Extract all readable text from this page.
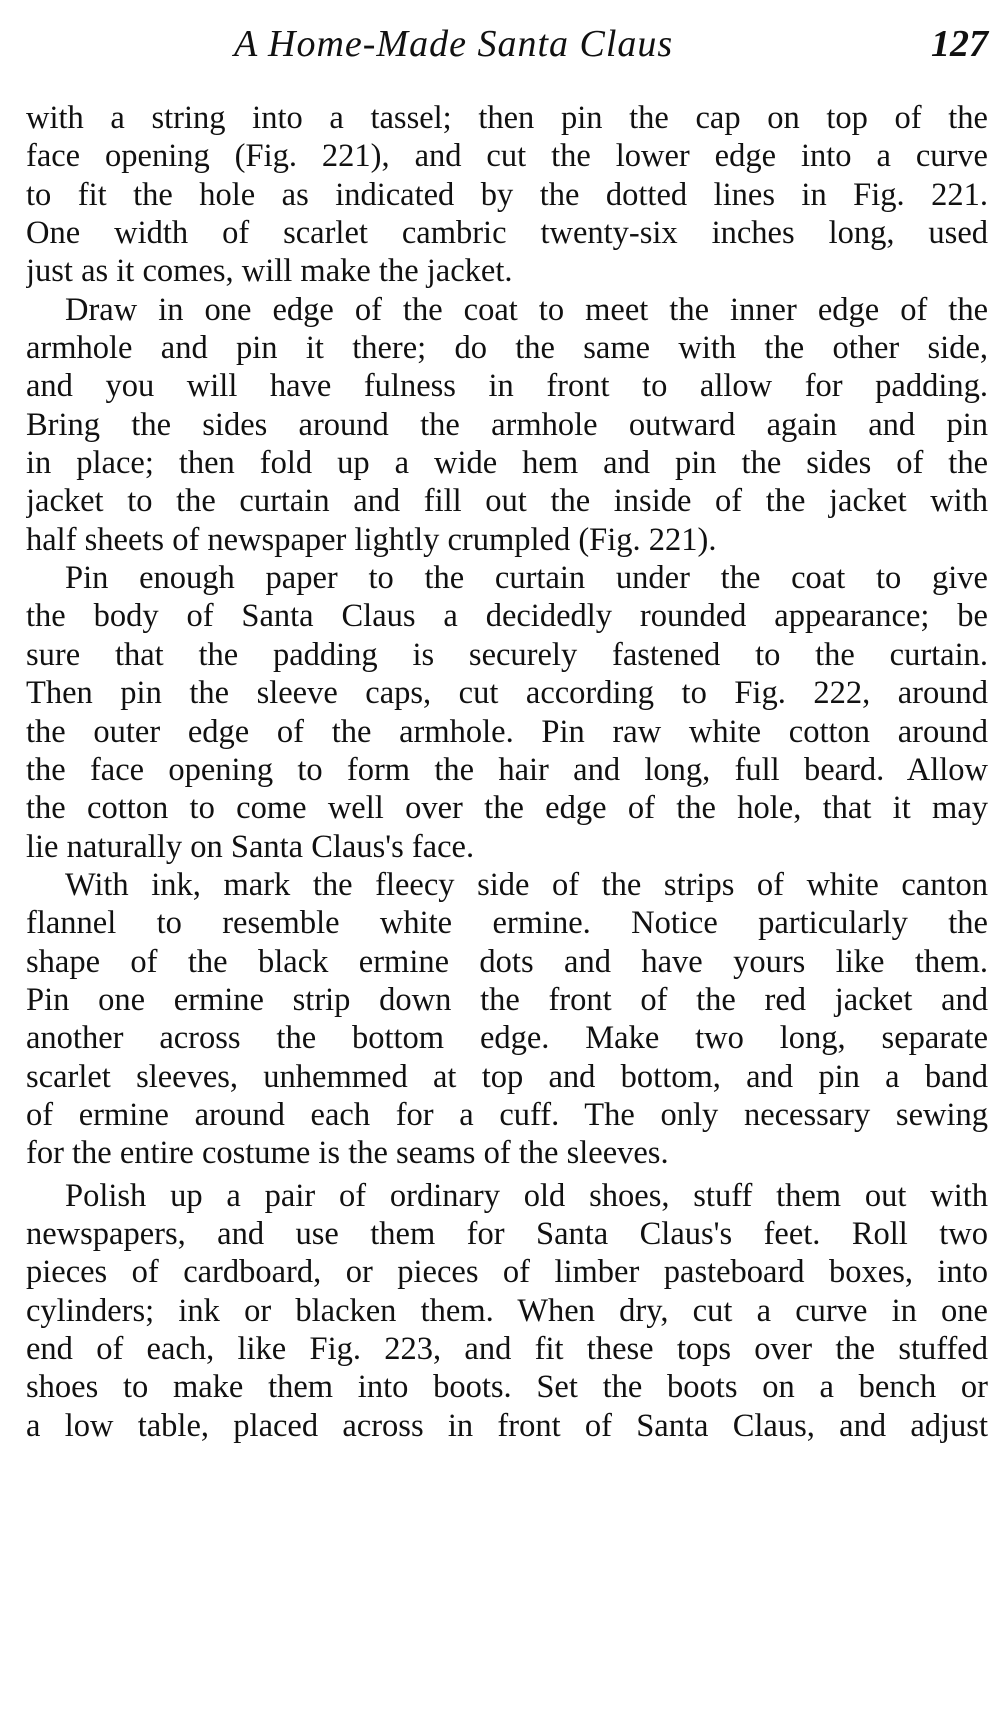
A Home-Made Santa Claus	127
with a string into a tassel; then pin the cap on top of the
face opening (Fig. 221), and cut the lower edge into a curve
to fit the hole as indicated by the dotted lines in Fig. 221.
One width of scarlet cambric twenty-six inches long, used
just as it comes, will make the jacket.
Draw in one edge of the coat to meet the inner edge of the
armhole and pin it there; do the same with the other side,
and you will have fulness in front to allow for padding.
Bring the sides around the armhole outward again and pin
in place; then fold up a wide hem and pin the sides of the
jacket to the curtain and fill out the inside of the jacket with
half sheets of newspaper lightly crumpled (Fig. 221).
Pin enough paper to the curtain under the coat to give
the body of Santa Claus a decidedly rounded appearance; be
sure that the padding is securely fastened to the curtain.
Then pin the sleeve caps, cut according to Fig. 222, around
the outer edge of the armhole. Pin raw white cotton around
the face opening to form the hair and long, full beard. Allow
the cotton to come well over the edge of the hole, that it may
lie naturally on Santa Claus's face.
With ink, mark the fleecy side of the strips of white canton
flannel to resemble white ermine. Notice particularly the
shape of the black ermine dots and have yours like them.
Pin one ermine strip down the front of the red jacket and
another across the bottom edge. Make two long, separate
scarlet sleeves, unhemmed at top and bottom, and pin a band
of ermine around each for a cuff. The only necessary sewing
for the entire costume is the seams of the sleeves.
Polish up a pair of ordinary old shoes, stuff them out with
newspapers, and use them for Santa Claus's feet. Roll two
pieces of cardboard, or pieces of limber pasteboard boxes, into
cylinders; ink or blacken them. When dry, cut a curve in one
end of each, like Fig. 223, and fit these tops over the stuffed
shoes to make them into boots. Set the boots on a bench or
a low table, placed across in front of Santa Claus, and adjust
